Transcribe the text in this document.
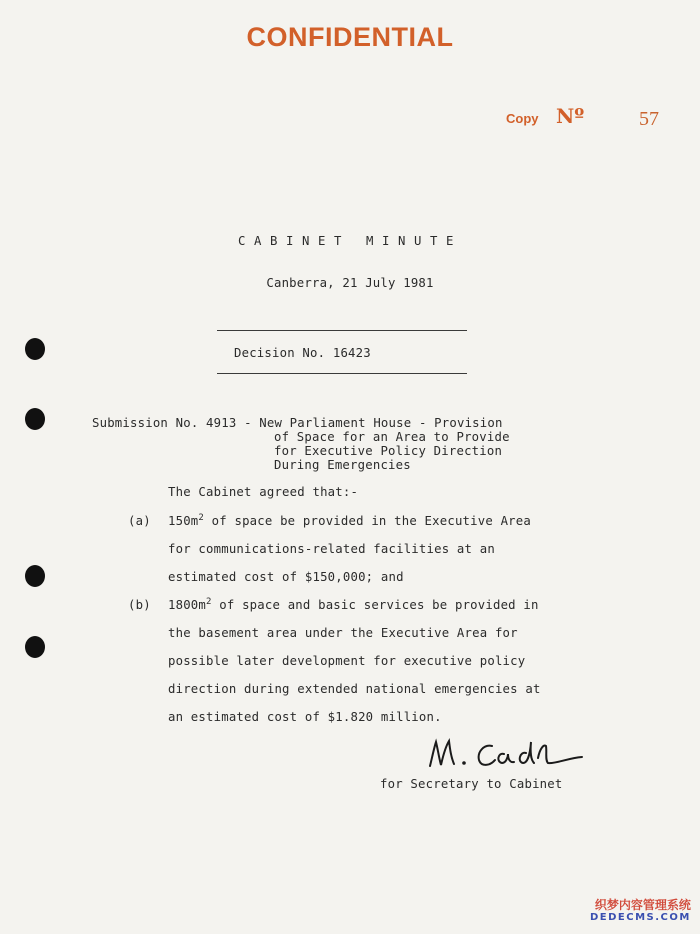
CONFIDENTIAL
Copy Nº	57
CABINET MINUTE
Canberra, 21 July 1981
Decision No. 16423
Submission No. 4913 - New Parliament House - Provision
of Space for an Area to Provide
for Executive Policy Direction
During Emergencies
The Cabinet agreed that:-
(a) $150m^2$ of space be provided in the Executive Area
for communications-related facilities at an
estimated cost of $150,000; and
(b) $1800m^2$ of space and basic services be provided in
the basement area under the Executive Area for
possible later development for executive policy
direction during extended national emergencies at
an estimated cost of $1.820 million.
for Secretary to Cabinet
织梦内容管理系统
DEDECMS.COM
